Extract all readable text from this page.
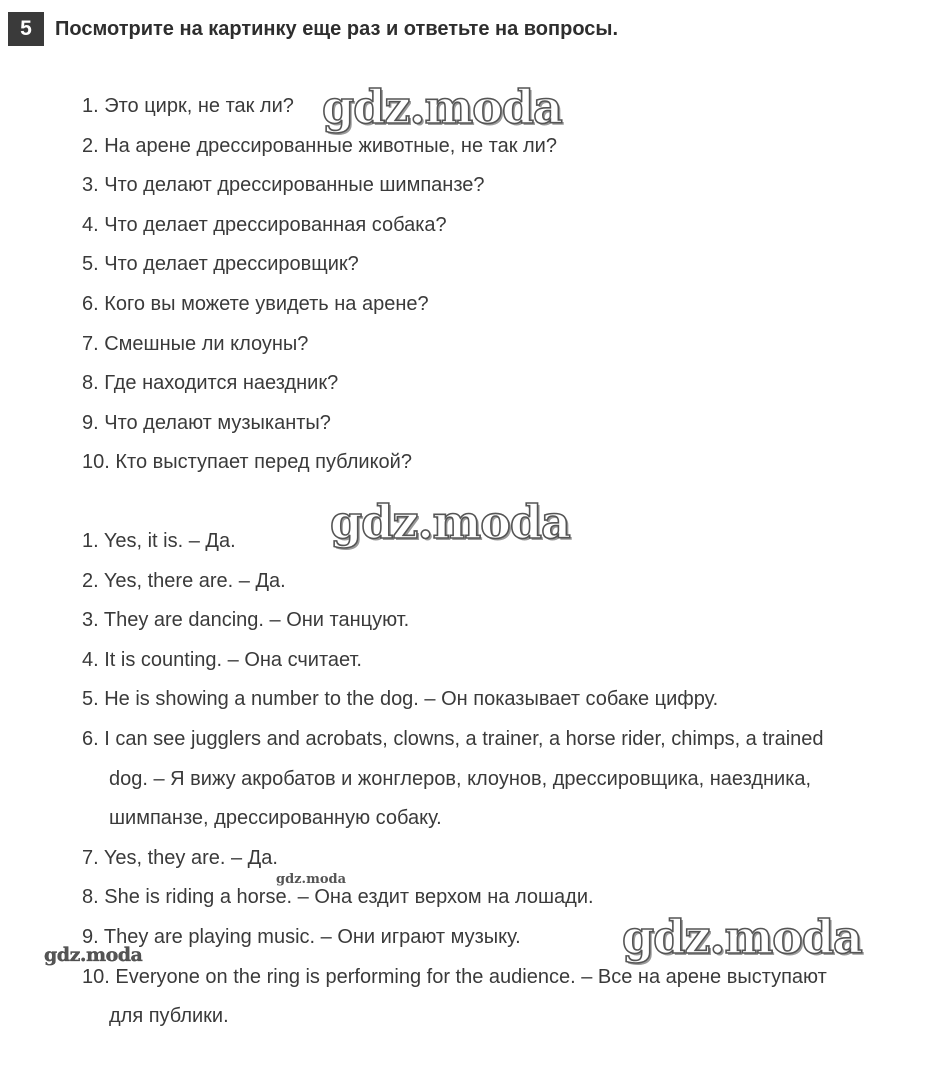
5	Посмотрите на картинку еще раз и ответьте на вопросы.
1. Это цирк, не так ли?
2. На арене дрессированные животные, не так ли?
3. Что делают дрессированные шимпанзе?
4. Что делает дрессированная собака?
5. Что делает дрессировщик?
6. Кого вы можете увидеть на арене?
7. Смешные ли клоуны?
8. Где находится наездник?
9. Что делают музыканты?
10. Кто выступает перед публикой?
1. Yes, it is. – Да.
2. Yes, there are. – Да.
3. They are dancing. – Они танцуют.
4. It is counting. – Она считает.
5. He is showing a number to the dog. – Он показывает собаке цифру.
6. I can see jugglers and acrobats, clowns, a trainer, a horse rider, chimps, a trained
dog. – Я вижу акробатов и жонглеров, клоунов, дрессировщика, наездника,
шимпанзе, дрессированную собаку.
7. Yes, they are. – Да.
8. She is riding a horse. – Она ездит верхом на лошади.
9. They are playing music. – Они играют музыку.
10. Everyone on the ring is performing for the audience. – Все на арене выступают
для публики.
gdz.moda
gdz.moda
gdz.moda
gdz.moda
gdz.moda
